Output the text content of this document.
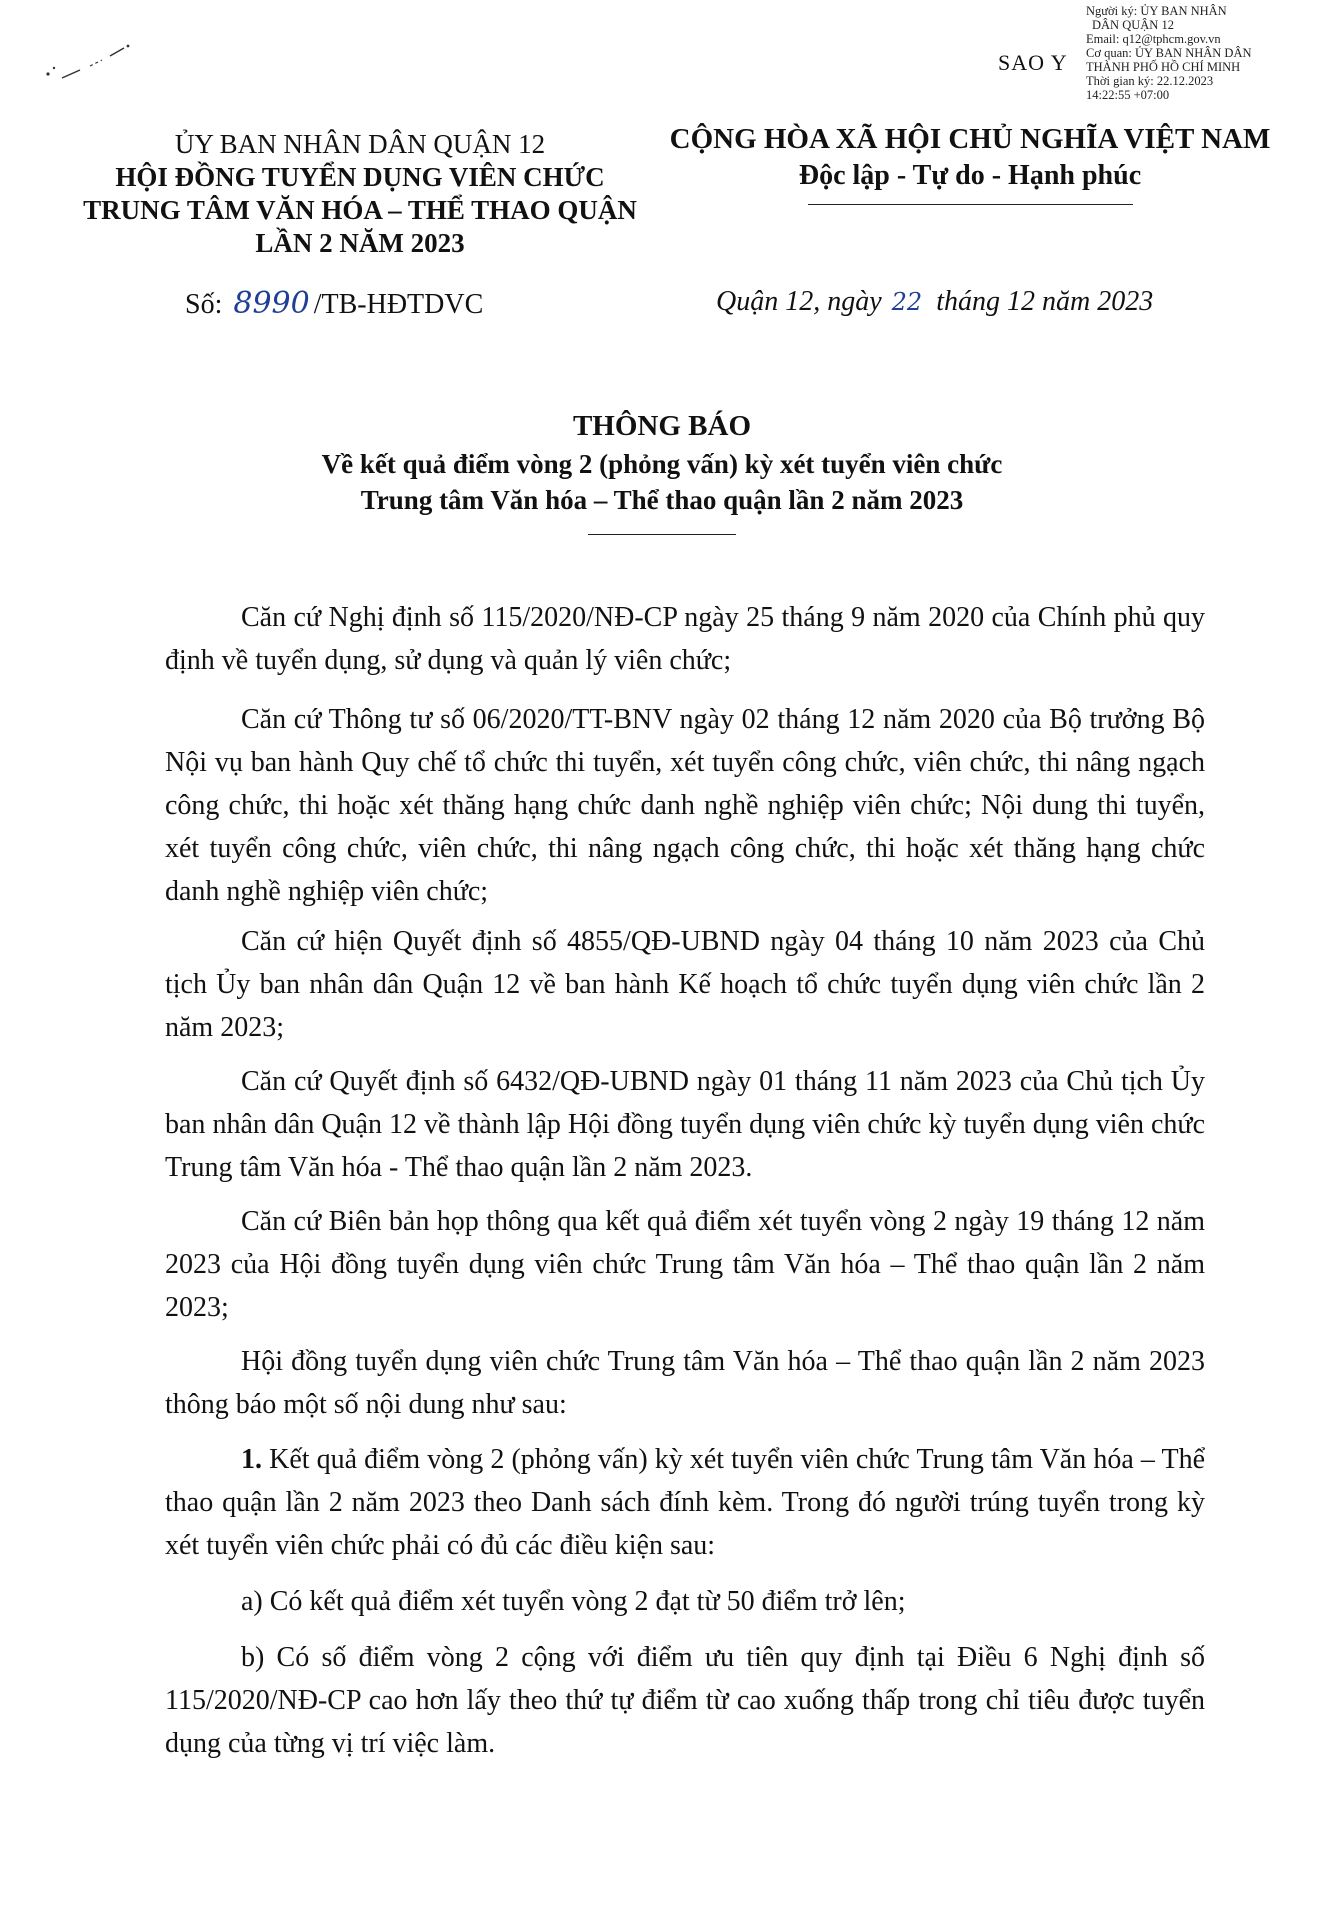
Người ký: ỦY BAN NHÂN
DÂN QUẬN 12
Email: q12@tphcm.gov.vn
Cơ quan: ỦY BAN NHÂN DÂN
THÀNH PHỐ HỒ CHÍ MINH
Thời gian ký: 22.12.2023
14:22:55 +07:00
SAO Y
ỦY BAN NHÂN DÂN QUẬN 12
HỘI ĐỒNG TUYỂN DỤNG VIÊN CHỨC
TRUNG TÂM VĂN HÓA – THỂ THAO QUẬN
LẦN 2 NĂM 2023
CỘNG HÒA XÃ HỘI CHỦ NGHĨA VIỆT NAM
Độc lập - Tự do - Hạnh phúc
Số: 8990 /TB-HĐTDVC	Quận 12, ngày 22 tháng 12 năm 2023
THÔNG BÁO
Về kết quả điểm vòng 2 (phỏng vấn) kỳ xét tuyển viên chức
Trung tâm Văn hóa – Thể thao quận lần 2 năm 2023
Căn cứ Nghị định số 115/2020/NĐ-CP ngày 25 tháng 9 năm 2020 của Chính phủ quy định về tuyển dụng, sử dụng và quản lý viên chức;
Căn cứ Thông tư số 06/2020/TT-BNV ngày 02 tháng 12 năm 2020 của Bộ trưởng Bộ Nội vụ ban hành Quy chế tổ chức thi tuyển, xét tuyển công chức, viên chức, thi nâng ngạch công chức, thi hoặc xét thăng hạng chức danh nghề nghiệp viên chức; Nội dung thi tuyển, xét tuyển công chức, viên chức, thi nâng ngạch công chức, thi hoặc xét thăng hạng chức danh nghề nghiệp viên chức;
Căn cứ hiện Quyết định số 4855/QĐ-UBND ngày 04 tháng 10 năm 2023 của Chủ tịch Ủy ban nhân dân Quận 12 về ban hành Kế hoạch tổ chức tuyển dụng viên chức lần 2 năm 2023;
Căn cứ Quyết định số 6432/QĐ-UBND ngày 01 tháng 11 năm 2023 của Chủ tịch Ủy ban nhân dân Quận 12 về thành lập Hội đồng tuyển dụng viên chức kỳ tuyển dụng viên chức Trung tâm Văn hóa - Thể thao quận lần 2 năm 2023.
Căn cứ Biên bản họp thông qua kết quả điểm xét tuyển vòng 2 ngày 19 tháng 12 năm 2023 của Hội đồng tuyển dụng viên chức Trung tâm Văn hóa – Thể thao quận lần 2 năm 2023;
Hội đồng tuyển dụng viên chức Trung tâm Văn hóa – Thể thao quận lần 2 năm 2023 thông báo một số nội dung như sau:
1. Kết quả điểm vòng 2 (phỏng vấn) kỳ xét tuyển viên chức Trung tâm Văn hóa – Thể thao quận lần 2 năm 2023 theo Danh sách đính kèm. Trong đó người trúng tuyển trong kỳ xét tuyển viên chức phải có đủ các điều kiện sau:
a) Có kết quả điểm xét tuyển vòng 2 đạt từ 50 điểm trở lên;
b) Có số điểm vòng 2 cộng với điểm ưu tiên quy định tại Điều 6 Nghị định số 115/2020/NĐ-CP cao hơn lấy theo thứ tự điểm từ cao xuống thấp trong chỉ tiêu được tuyển dụng của từng vị trí việc làm.
